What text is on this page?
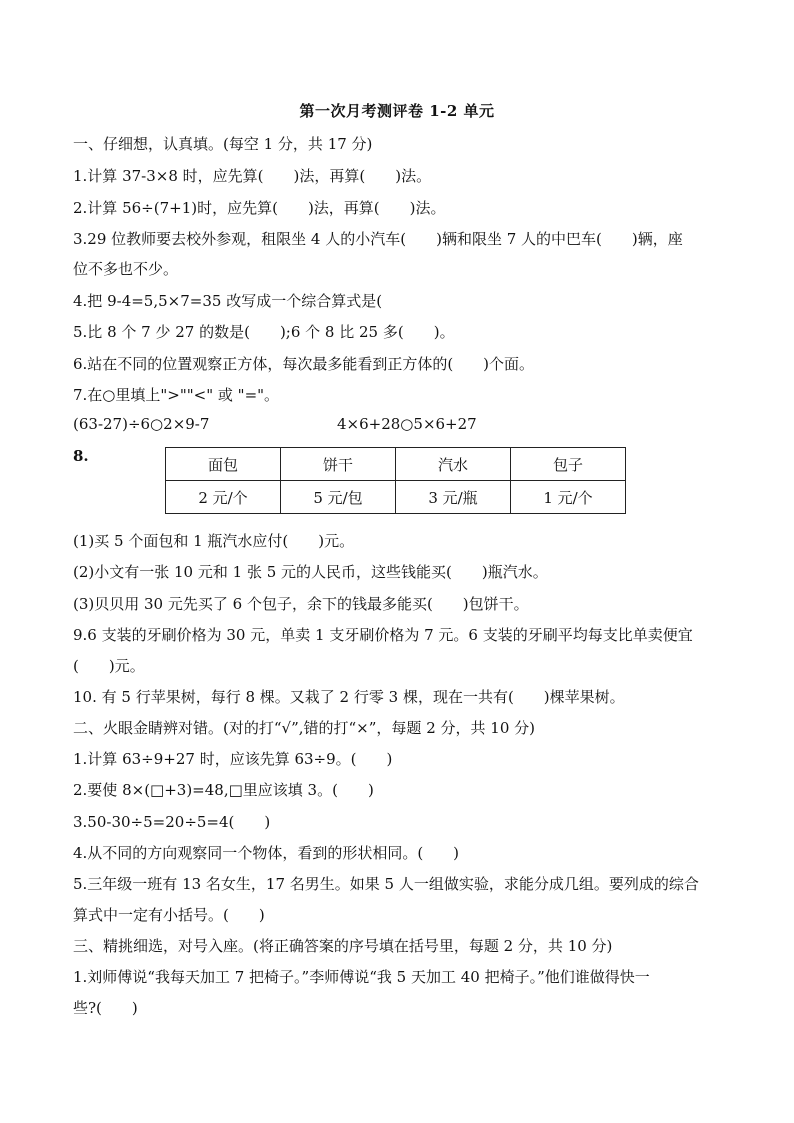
第一次月考测评卷 1-2 单元
一、仔细想，认真填。(每空 1 分，共 17 分)
1.计算 37-3×8 时，应先算(　　)法，再算(　　)法。
2.计算 56÷(7+1)时，应先算(　　)法，再算(　　)法。
3.29 位教师要去校外参观，租限坐 4 人的小汽车(　　)辆和限坐 7 人的中巴车(　　)辆，座
位不多也不少。
4.把 9-4=5,5×7=35 改写成一个综合算式是(
5.比 8 个 7 少 27 的数是(　　);6 个 8 比 25 多(　　)。
6.站在不同的位置观察正方体，每次最多能看到正方体的(　　)个面。
7.在○里填上">""<" 或 "="。
(63-27)÷6○2×9-7	4×6+28○5×6+27
8.	面包	饼干	汽水	包子
2 元/个	5 元/包	3 元/瓶	1 元/个
(1)买 5 个面包和 1 瓶汽水应付(　　)元。
(2)小文有一张 10 元和 1 张 5 元的人民币，这些钱能买(　　)瓶汽水。
(3)贝贝用 30 元先买了 6 个包子，余下的钱最多能买(　　)包饼干。
9.6 支装的牙刷价格为 30 元，单卖 1 支牙刷价格为 7 元。6 支装的牙刷平均每支比单卖便宜
(　　)元。
10. 有 5 行苹果树，每行 8 棵。又栽了 2 行零 3 棵，现在一共有(　　)棵苹果树。
二、火眼金睛辨对错。(对的打“√”,错的打“×”，每题 2 分，共 10 分)
1.计算 63÷9+27 时，应该先算 63÷9。(　　)
2.要使 8×(□+3)=48,□里应该填 3。(　　)
3.50-30÷5=20÷5=4(　　)
4.从不同的方向观察同一个物体，看到的形状相同。(　　)
5.三年级一班有 13 名女生，17 名男生。如果 5 人一组做实验，求能分成几组。要列成的综合
算式中一定有小括号。(　　)
三、精挑细选，对号入座。(将正确答案的序号填在括号里，每题 2 分，共 10 分)
1.刘师傅说“我每天加工 7 把椅子。”李师傅说“我 5 天加工 40 把椅子。”他们谁做得快一
些?(　　)
